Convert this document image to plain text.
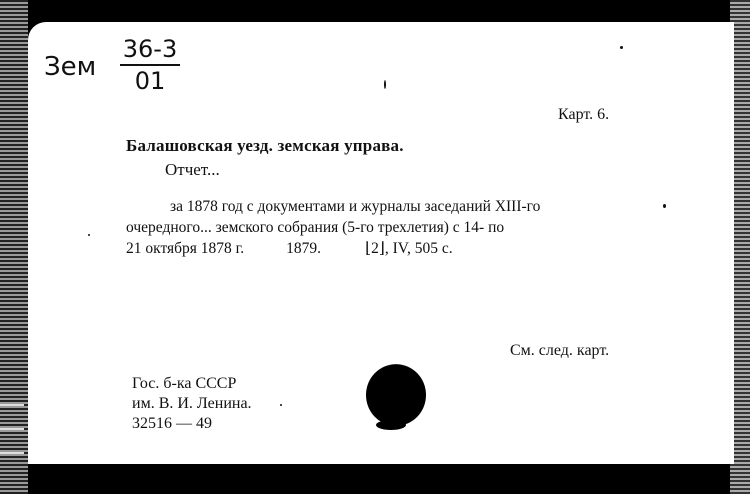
Зем
36-3
01
Карт. 6.
Балашовская уезд. земская управа.
Отчет...
за 1878 год с документами и журналы заседаний XIII-го
очередного... земского собрания (5-го трехлетия) с 14- по
21 октября 1878 г.	1879.	⌊2⌋, IV, 505 с.
См. след. карт.
Гос. б-ка СССР
им. В. И. Ленина.
32516 — 49
